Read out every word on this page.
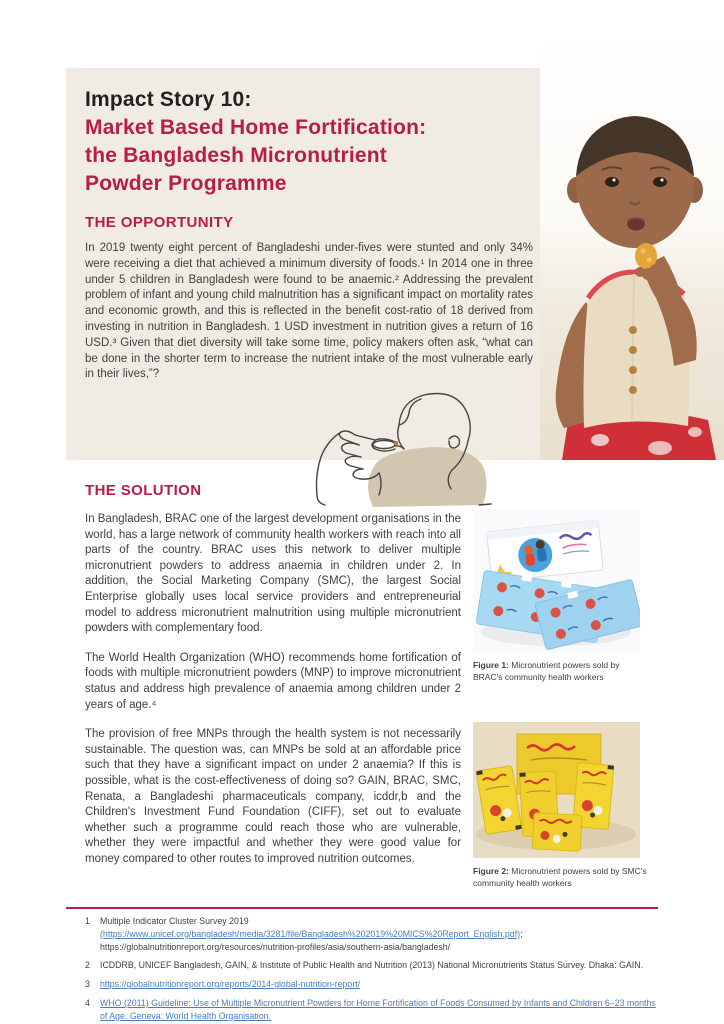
Impact Story 10:
Market Based Home Fortification:
the Bangladesh Micronutrient
Powder Programme
THE OPPORTUNITY
In 2019 twenty eight percent of Bangladeshi under-fives were stunted and only 34% were receiving a diet that achieved a minimum diversity of foods.¹ In 2014 one in three under 5 children in Bangladesh were found to be anaemic.² Addressing the prevalent problem of infant and young child malnutrition has a significant impact on mortality rates and economic growth, and this is reflected in the benefit cost-ratio of 18 derived from investing in nutrition in Bangladesh. 1 USD investment in nutrition gives a return of 16 USD.³ Given that diet diversity will take some time, policy makers often ask, “what can be done in the shorter term to increase the nutrient intake of the most vulnerable early in their lives,”?
THE SOLUTION

In Bangladesh, BRAC one of the largest development organisations in the world, has a large network of community health workers with reach into all parts of the country. BRAC uses this network to deliver multiple micronutrient powders to address anaemia in children under 2. In addition, the Social Marketing Company (SMC), the largest Social Enterprise globally uses local service providers and entrepreneurial model to address micronutrient malnutrition using multiple micronutrient powders with complementary food.

The World Health Organization (WHO) recommends home fortification of foods with multiple micronutrient powders (MNP) to improve micronutrient status and address high prevalence of anaemia among children under 2 years of age.⁴

The provision of free MNPs through the health system is not necessarily sustainable. The question was, can MNPs be sold at an affordable price such that they have a significant impact on under 2 anaemia? If this is possible, what is the cost-effectiveness of doing so? GAIN, BRAC, SMC, Renata, a Bangladeshi pharmaceuticals company, icddr,b and the Children's Investment Fund Foundation (CIFF), set out to evaluate whether such a programme could reach those who are vulnerable, whether they were impactful and whether they were good value for money compared to other routes to improved nutrition outcomes.

Figure 1: Micronutrient powers sold by BRAC's community health workers
Figure 2: Micronutrient powers sold by SMC's community health workers
1	Multiple Indicator Cluster Survey 2019 (https://www.unicef.org/bangladesh/media/3281/file/Bangladesh%202019%20MICS%20Report_English.pdf); https://globalnutritionreport.org/resources/nutrition-profiles/asia/southern-asia/bangladesh/
2	ICDDRB, UNICEF Bangladesh, GAIN, & Institute of Public Health and Nutrition (2013) National Micronutrients Status Survey. Dhaka: GAIN.
3	https://globalnutritionreport.org/reports/2014-global-nutrition-report/
4	WHO (2011) Guideline: Use of Multiple Micronutrient Powders for Home Fortification of Foods Consumed by Infants and Children 6–23 months of Age. Geneva: World Health Organisation.
